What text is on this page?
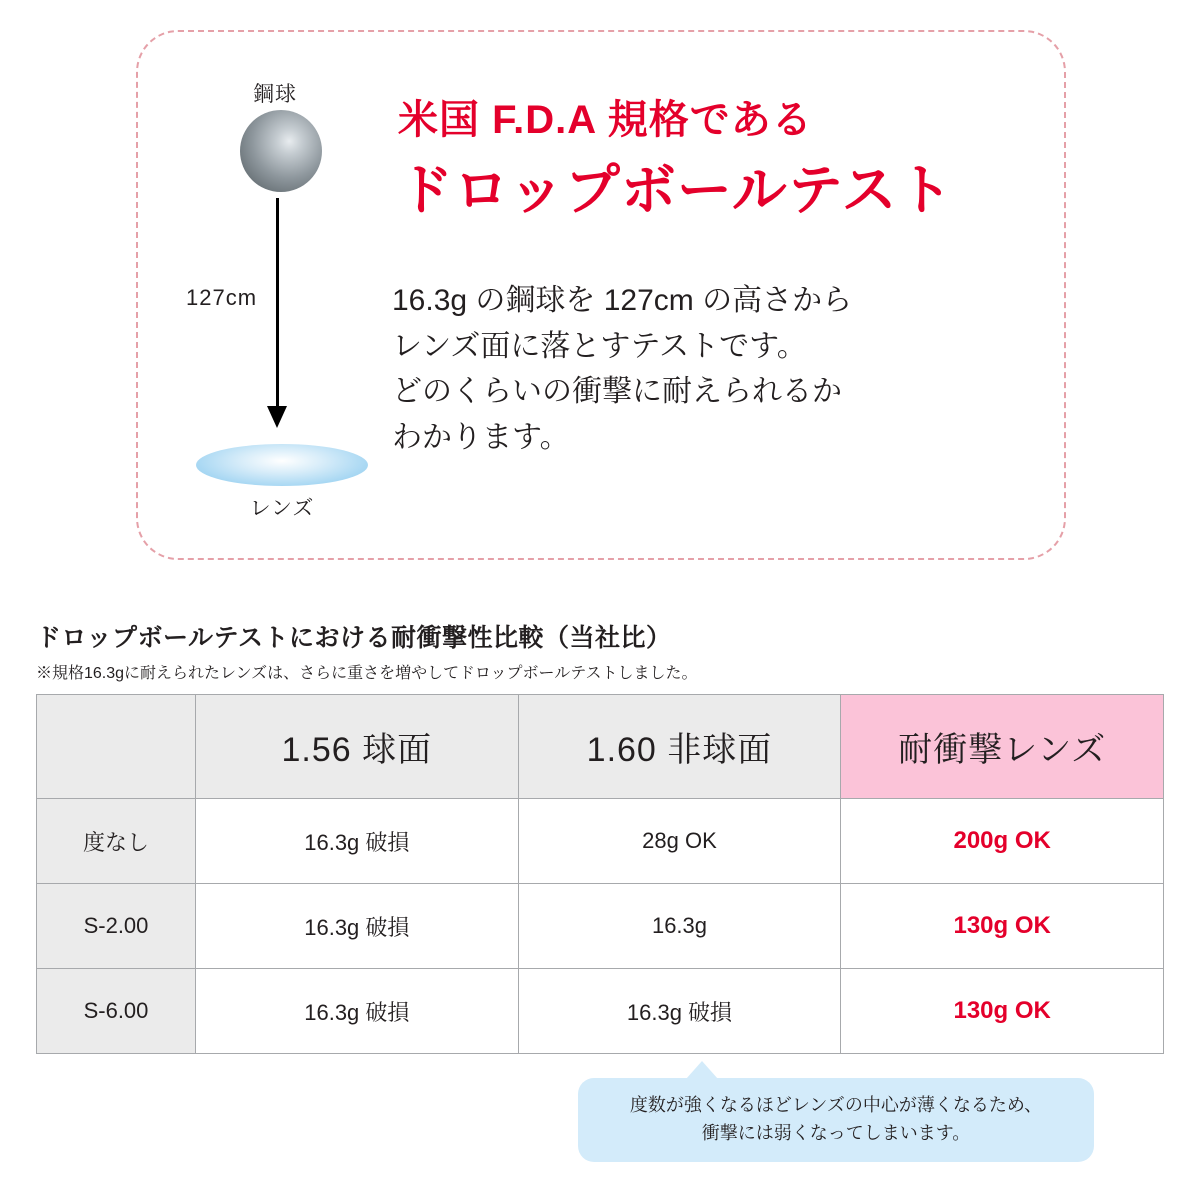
鋼球
127cm
レンズ
米国 F.D.A 規格である
ドロップボールテスト
16.3g の鋼球を 127cm の高さから
レンズ面に落とすテストです。
どのくらいの衝撃に耐えられるか
わかります。
ドロップボールテストにおける耐衝撃性比較（当社比）
※規格16.3gに耐えられたレンズは、さらに重さを増やしてドロップボールテストしました。
	1.56 球面	1.60 非球面	耐衝撃レンズ
度なし	16.3g 破損	28g OK	200g OK
S-2.00	16.3g 破損	16.3g	130g OK
S-6.00	16.3g 破損	16.3g 破損	130g OK
度数が強くなるほどレンズの中心が薄くなるため、
衝撃には弱くなってしまいます。
